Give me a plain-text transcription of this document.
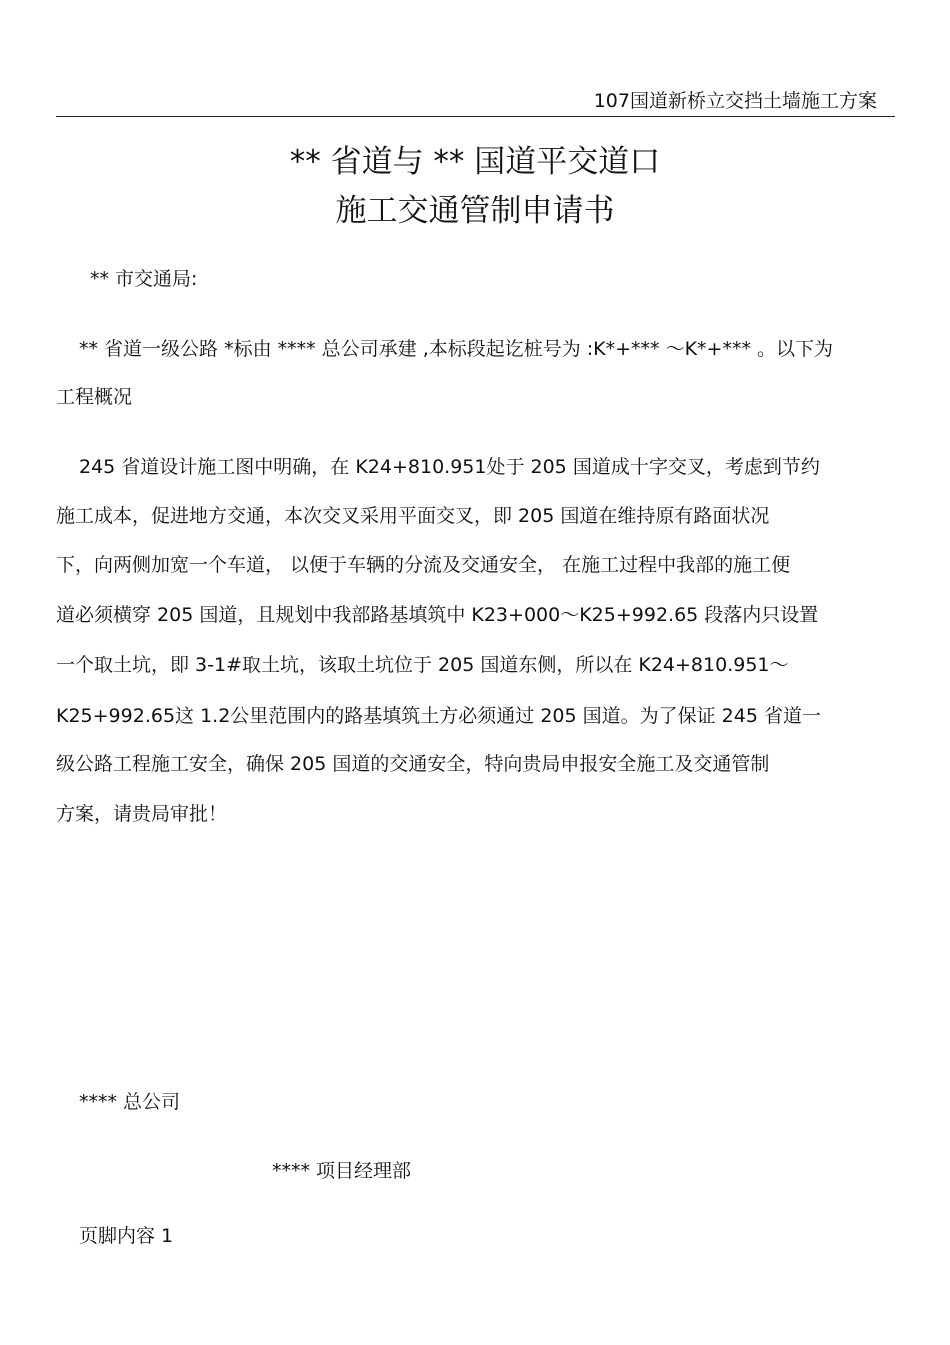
107国道新桥立交挡土墙施工方案
** 省道与 ** 国道平交道口
施工交通管制申请书
** 市交通局:
** 省道一级公路 *标由 **** 总公司承建 ,本标段起讫桩号为 :K*+*** ～K*+*** 。以下为
工程概况
245 省道设计施工图中明确，在 K24+810.951处于 205 国道成十字交叉，考虑到节约
施工成本，促进地方交通，本次交叉采用平面交叉，即 205 国道在维持原有路面状况
下，向两侧加宽一个车道， 以便于车辆的分流及交通安全， 在施工过程中我部的施工便
道必须横穿 205 国道，且规划中我部路基填筑中 K23+000～K25+992.65 段落内只设置
一个取土坑，即 3-1#取土坑，该取土坑位于 205 国道东侧，所以在 K24+810.951～
K25+992.65这 1.2公里范围内的路基填筑土方必须通过 205 国道。为了保证 245 省道一
级公路工程施工安全，确保 205 国道的交通安全，特向贵局申报安全施工及交通管制
方案，请贵局审批！
**** 总公司
**** 项目经理部
页脚内容 1
